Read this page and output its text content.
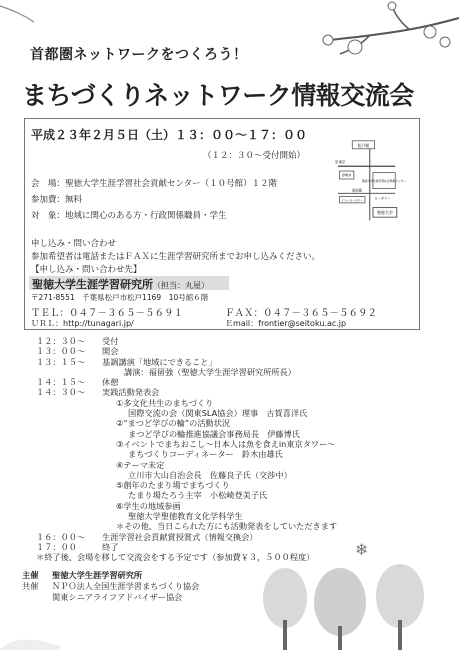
首都圏ネットワークをつくろう！
まちづくりネットワーク情報交流会
平成２３年２月５日（土）１３：００～１７：００
（１２：３０～受付開始）
会　場：聖徳大学生涯学習社会貢献センター（１０号館）１２階
参加費：無料
対　象：地域に関心のある方・行政関係職員・学生
申し込み・問い合わせ
参加希望者は電話またはＦＡＸに生涯学習研究所までお申し込みください。
【申し込み・問い合わせ先】
聖徳大学生涯学習研究所（担当：丸屋）
〒271-8551　千葉県松戸市松戸1169　10号館６階
ＴＥＬ：０４７－３６５－５６９１	ＦＡＸ：０４７－３６５－５６９２
ＵＲＬ：http://tunagari.jp/	Ｅmail：frontier@seitoku.ac.jp
松戸駅
至東京
伊勢丹
聖徳大学生涯学習社会貢献センター
イトーヨーカドー	ロータリー
駅前通
聖徳大学
１２：３０～ 受付
１３：００～ 開会
１３：１５～ 基調講演「地域にできること」
講演：福留強（聖徳大学生涯学習研究所所長）
１４：１５～ 休憩
１４：３０～ 実践活動発表会
①多文化共生のまちづくり
国際交流の会（関東SLA協会）理事　古賀喜洋氏
②“まつど学びの輪”の活動状況
まつど学びの輪推進協議会事務局長　伊藤博氏
③イベントでまちおこし～日本人は魚を食えin東京タワー～
まちづくりコーディネーター　鈴木由雄氏
④テーマ未定
立川市大山自治会長　佐藤良子氏（交渉中）
⑤創年のたまり場でまちづくり
たまり場たろう主宰　小松崎登美子氏
⑥学生の地域参画
聖徳大学聖徳教育文化学科学生
＊その他、当日こられた方にも活動発表をしていただきます
１６：００～ 生涯学習社会貢献賞授賞式（情報交換会）
１７：００	終了
＊終了後、会場を移して交流会をする予定です（参加費￥３，５００程度）	❄
主催 聖徳大学生涯学習研究所
共催 ＮＰＯ法人全国生涯学習まちづくり協会
関東シニアライフアドバイザー協会
